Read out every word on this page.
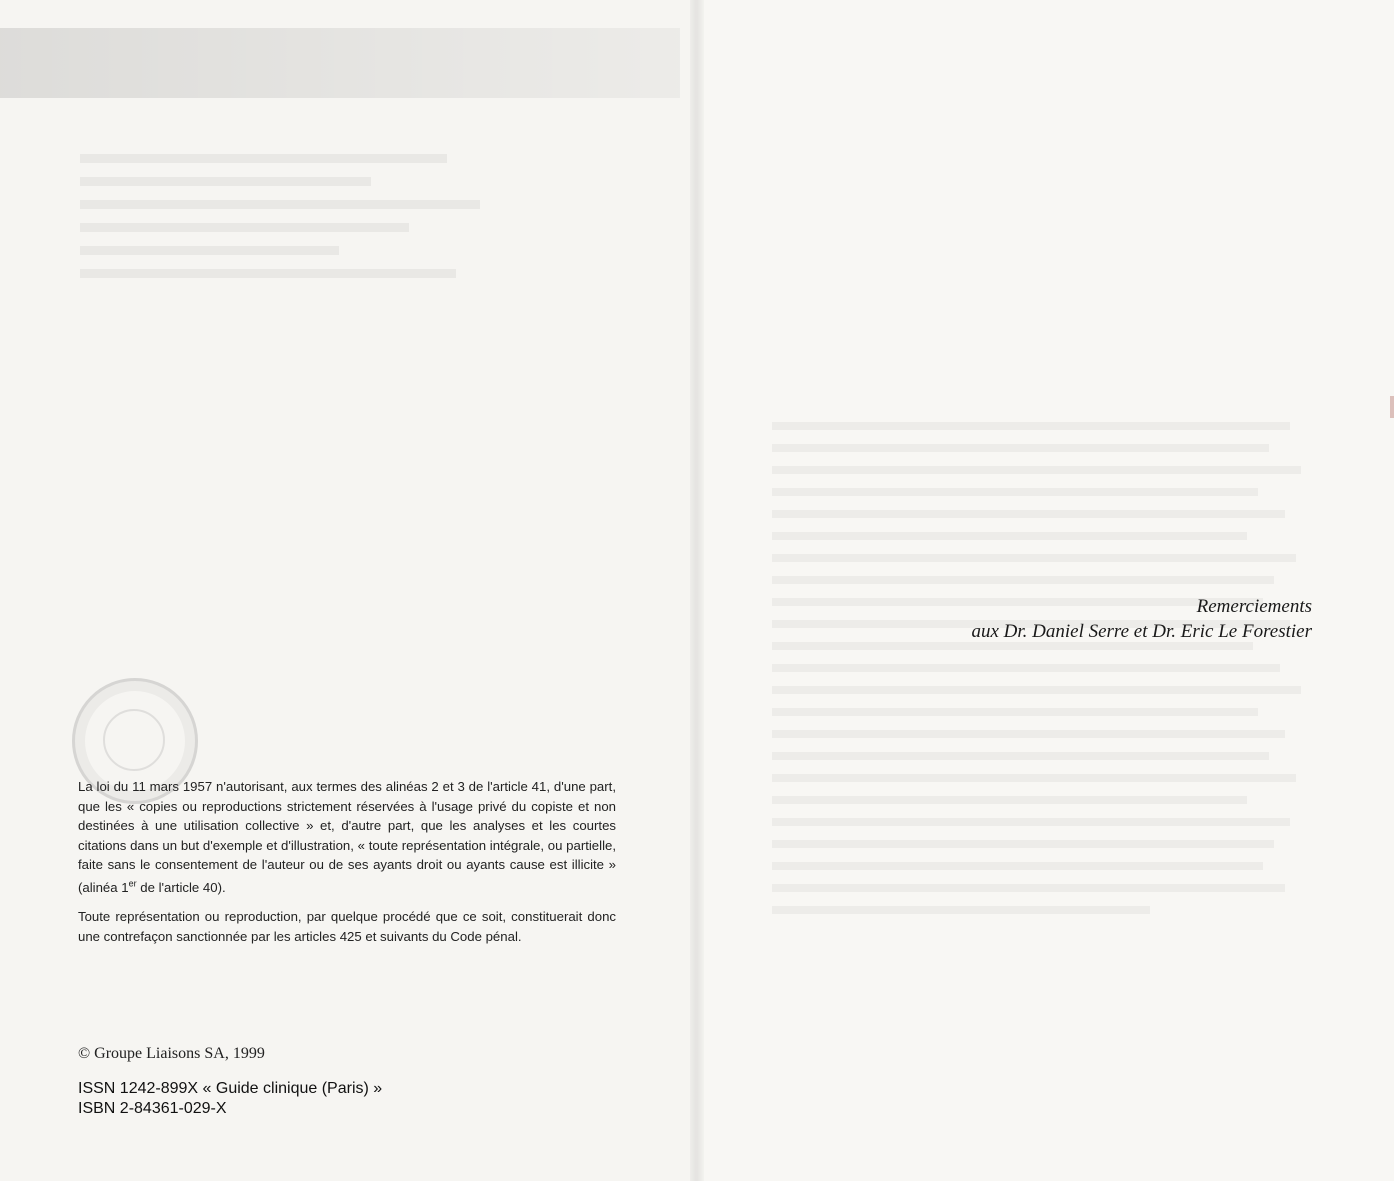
La loi du 11 mars 1957 n'autorisant, aux termes des alinéas 2 et 3 de l'article 41, d'une part, que les « copies ou reproductions strictement réservées à l'usage privé du copiste et non destinées à une utilisation collective » et, d'autre part, que les analyses et les courtes citations dans un but d'exemple et d'illustration, « toute représentation intégrale, ou partielle, faite sans le consentement de l'auteur ou de ses ayants droit ou ayants cause est illicite » (alinéa 1er de l'article 40).

Toute représentation ou reproduction, par quelque procédé que ce soit, constituerait donc une contrefaçon sanctionnée par les articles 425 et suivants du Code pénal.

© Groupe Liaisons SA, 1999
ISSN 1242-899X « Guide clinique (Paris) »
ISBN 2-84361-029-X
Remerciements
aux Dr. Daniel Serre et Dr. Eric Le Forestier
